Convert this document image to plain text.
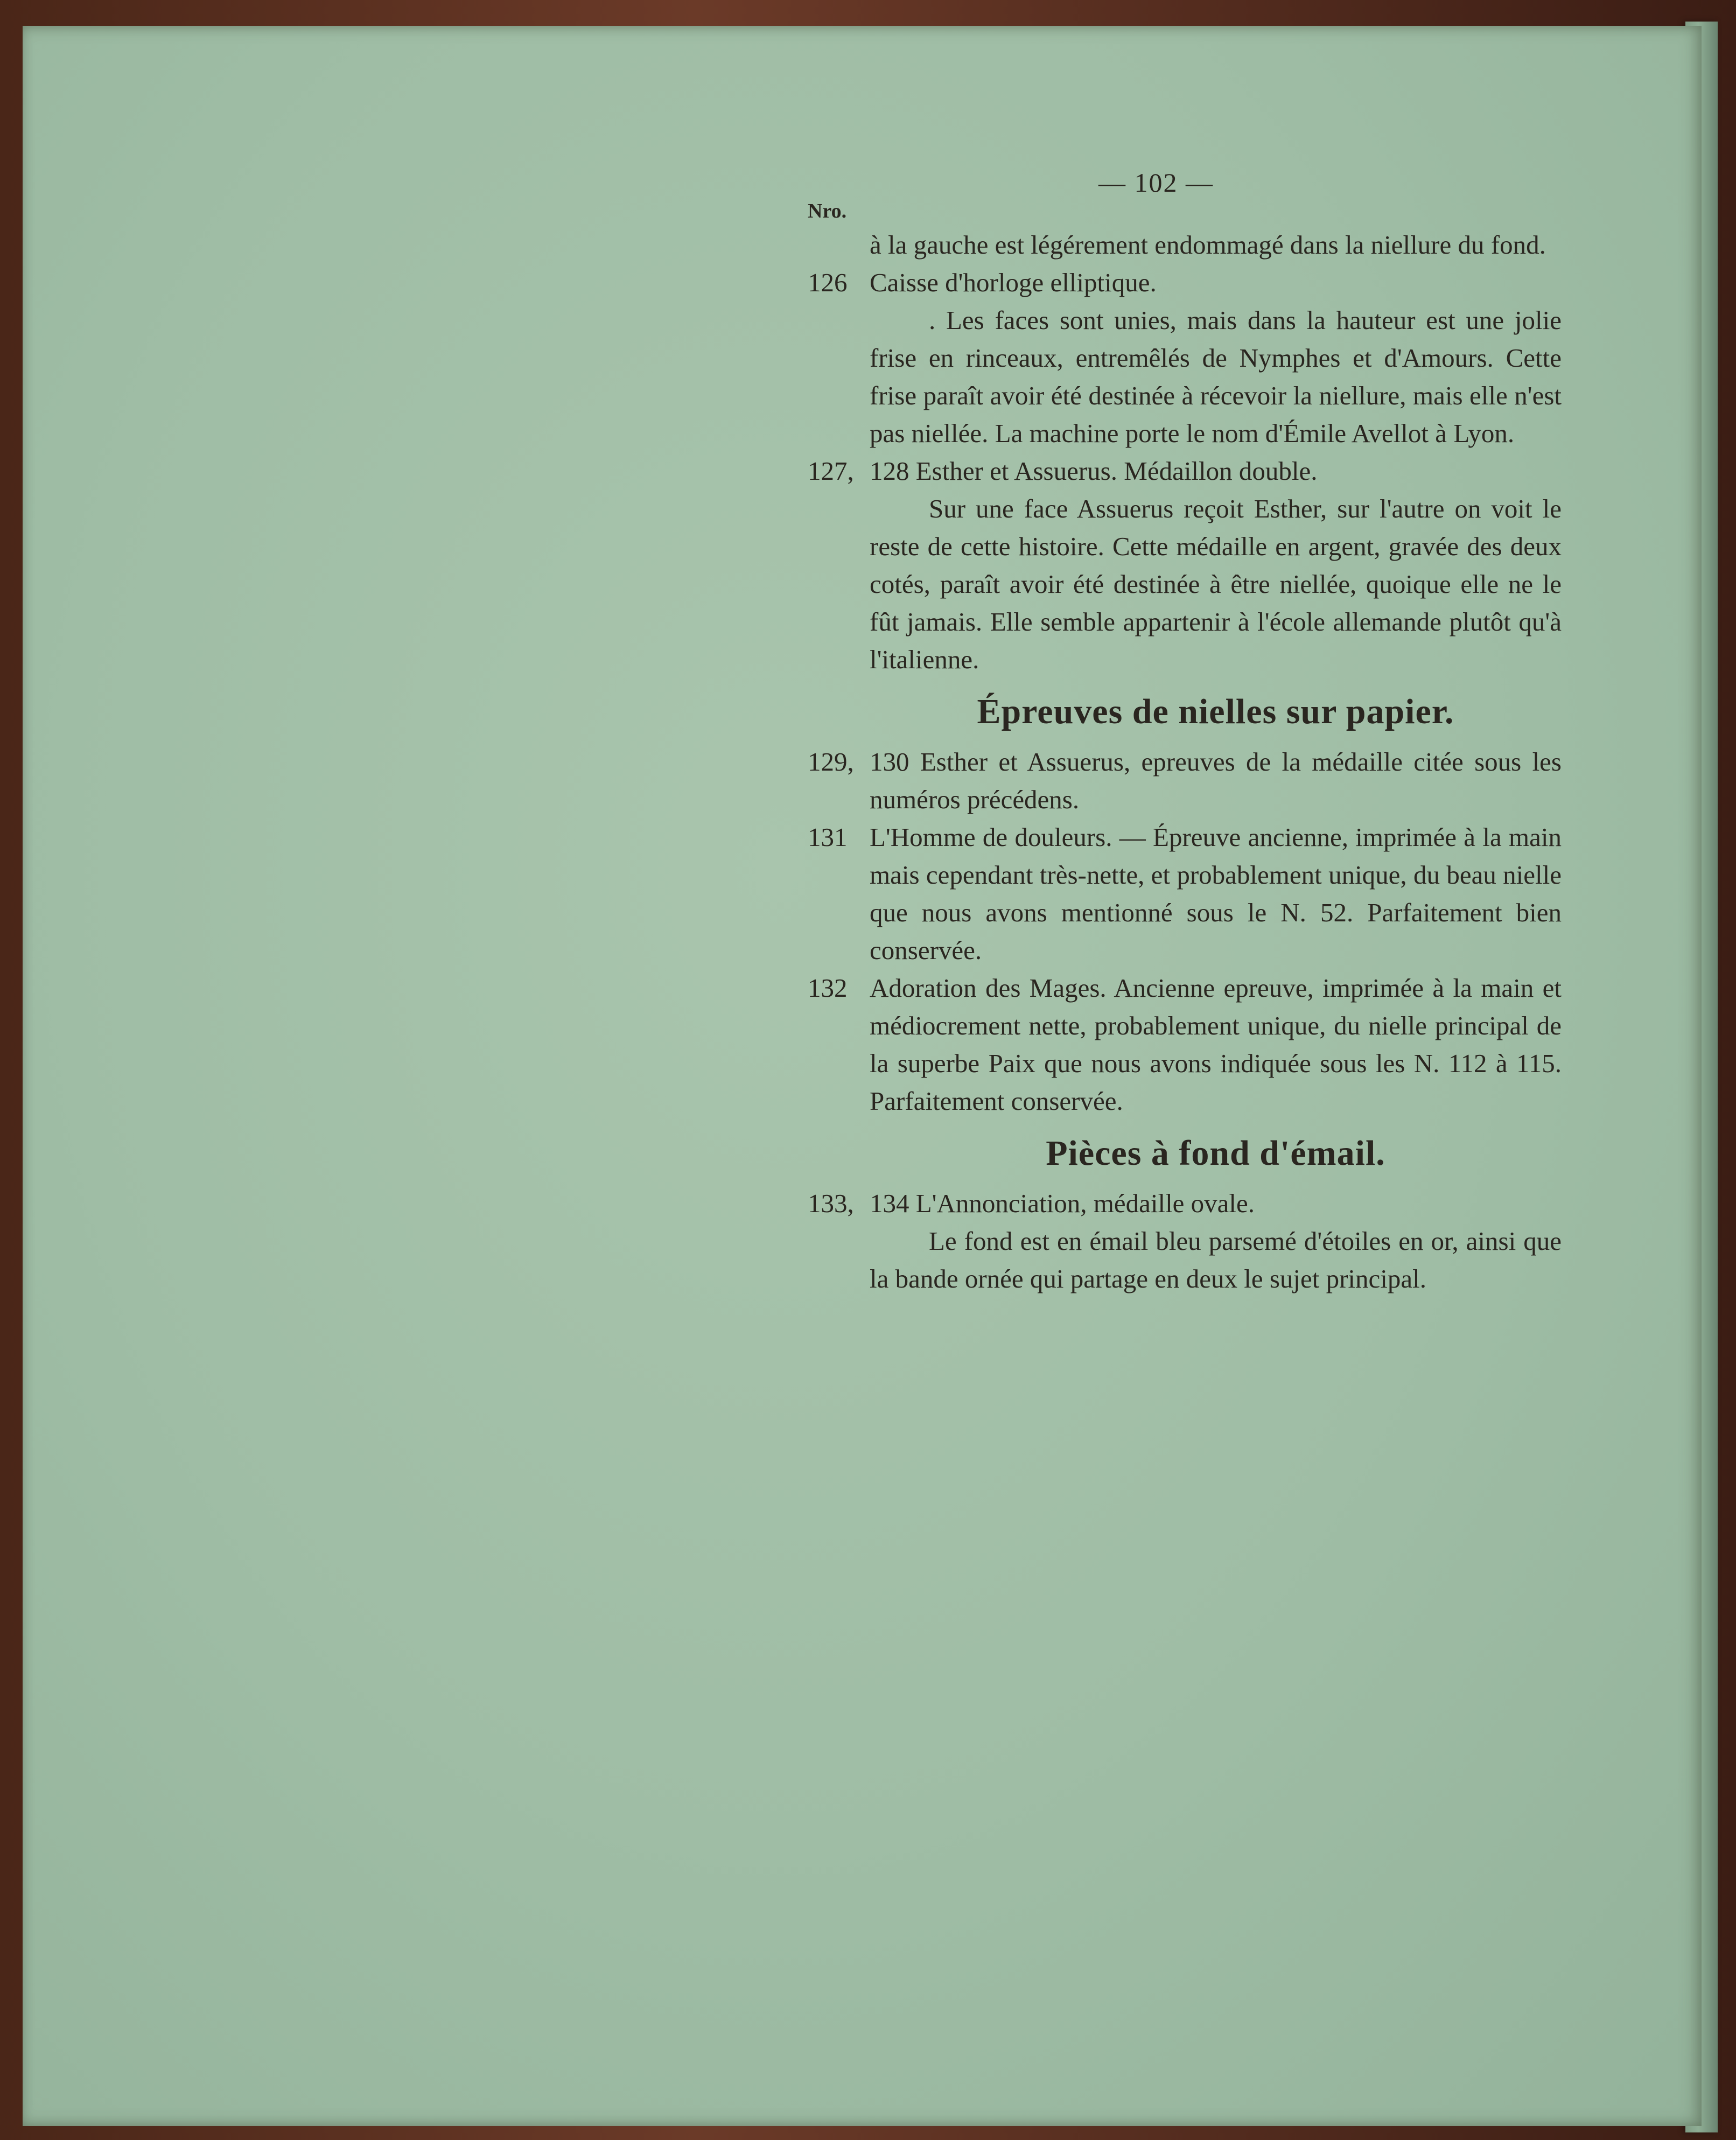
— 102 —
Nro.
à la gauche est légérement endommagé dans la niellure du fond.
126 Caisse d'horloge elliptique.
. Les faces sont unies, mais dans la hauteur est une jolie frise en rinceaux, entremêlés de Nymphes et d'Amours. Cette frise paraît avoir été destinée à récevoir la niellure, mais elle n'est pas niellée. La machine porte le nom d'Émile Avellot à Lyon.
127, 128 Esther et Assuerus. Médaillon double.
Sur une face Assuerus reçoit Esther, sur l'autre on voit le reste de cette histoire. Cette médaille en argent, gravée des deux cotés, paraît avoir été destinée à être niellée, quoique elle ne le fût jamais. Elle semble appartenir à l'école allemande plutôt qu'à l'italienne.
Épreuves de nielles sur papier.
129, 130 Esther et Assuerus, epreuves de la médaille citée sous les numéros précédens.
131 L'Homme de douleurs. — Épreuve ancienne, imprimée à la main mais cependant très-nette, et probablement unique, du beau nielle que nous avons mentionné sous le N. 52. Parfaitement bien conservée.
132 Adoration des Mages. Ancienne epreuve, imprimée à la main et médiocrement nette, probablement unique, du nielle principal de la superbe Paix que nous avons indiquée sous les N. 112 à 115. Parfaitement conservée.
Pièces à fond d'émail.
133, 134 L'Annonciation, médaille ovale.
Le fond est en émail bleu parsemé d'étoiles en or, ainsi que la bande ornée qui partage en deux le sujet principal.
